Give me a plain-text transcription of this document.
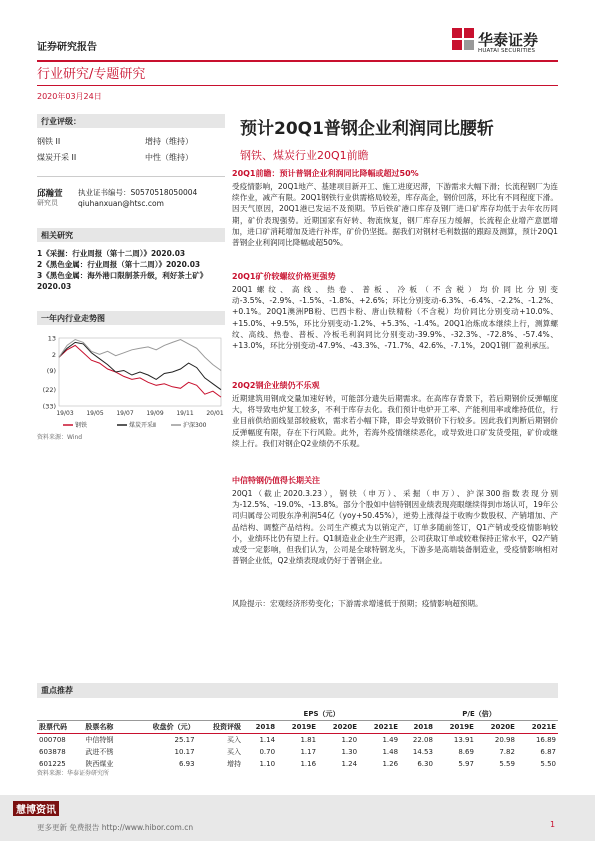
证券研究报告	华泰证券
HUATAI SECURITIES
行业研究/专题研究
2020年03月24日
行业评级：
钢铁 II	增持（维持）
煤炭开采 II	中性（维持）
邱瀚萱
研究员
执业证书编号：S0570518050004
qiuhanxuan@htsc.com
相关研究
1《采掘：行业周报（第十二周）》2020.03
2《黑色金属：行业周报（第十二周）》2020.03
3《黑色金属：海外港口限制茶升级，利好茶土矿》2020.03
一年内行业走势图
13
2
(9)
(22)
(33)
19/03 19/05 19/07 19/09 19/11 20/01
钢铁	煤炭开采Ⅱ	沪深300
资料来源：Wind
预计20Q1普钢企业利润同比腰斩
钢铁、煤炭行业20Q1前瞻
20Q1前瞻：预计普钢企业利润同比降幅或超过50%
受疫情影响，20Q1地产、基建项目新开工、施工进度迟滞，下游需求大幅下滑；长流程钢厂为连续作业，减产有限。20Q1钢铁行业供需格局较差，库存高企，钢价回落，环比有不同程度下滑。因天气原因，20Q1港已发运不及预期。节后铁矿港口库存及钢厂进口矿库存均低于去年农历同期，矿价表现强势。近期国家有好转、物流恢复，钢厂库存压力缓解，长流程企业增产意愿增加，进口矿消耗增加及进行补库，矿价仍坚挺。据我们对钢材毛利数据的跟踪及测算，预计20Q1普钢企业利润同比降幅或超50%。
20Q1矿价较螺纹价格更强势
20Q1螺纹、高线、热卷、普板、冷板（不含税）均价同比分别变动-3.5%、-2.9%、-1.5%、-1.8%、+2.6%；环比分别变动-6.3%、-6.4%、-2.2%、-1.2%、+0.1%。20Q1澳洲PB粉、巴西卡粉、唐山铁精粉（不含税）均价同比分别变动+10.0%、+15.0%、+9.5%，环比分别变动-1.2%、+5.3%、-1.4%。20Q1冶炼成本继续上行，测算螺纹、高线、热卷、普板、冷板毛利润同比分别变动-39.9%、-32.3%、-72.8%、-57.4%、+13.0%，环比分别变动-47.9%、-43.3%、-71.7%、42.6%、-7.1%，20Q1钢厂盈利承压。
20Q2钢企业绩仍不乐观
近期建筑用钢成交量加速好转，可能部分遗失后期需求。在高库存背景下，若后期钢价反弹幅度大，将导致电炉复工较多，不利于库存去化。我们预计电炉开工率、产能利用率或维持低位，行业目前供给面线显部较疲软，需求若小幅下降，即会导致钢价下行较多。因此我们判断后期钢价反弹幅度有限，存在下行风险。此外，若海外疫情继续恶化，或导致进口矿发货受阻，矿价或继续上行。我们对钢企Q2业绩仍不乐观。
中信特钢仍值得长期关注
20Q1（截止2020.3.23），钢铁（申万）、采掘（申万）、沪深300指数表现分别为-12.5%、-19.0%、-13.8%。部分个股如中信特钢因业绩表现亮眼继续得到市场认可，19年公司归属母公司股东净利润54亿（yoy+50.45%），逆势上涨得益于收购少数股权、产销增加、产品结构、调整产品结构。公司生产模式为以销定产，订单多随前签订，Q1产销或受疫情影响较小，业绩环比仍有望上行。Q1制造业企业生产迟滞，公司获取订单或较难保持正常水平，Q2产销或受一定影响，但我们认为，公司是全球特钢龙头，下游多是高端装备制造业，受疫情影响相对普钢企业低，Q2业绩表现或仍好于普钢企业。
风险提示：宏观经济形势变化；下游需求增速低于预期；疫情影响超预期。
重点推荐
				EPS（元）				P/E（倍）			
股票代码	股票名称	收盘价（元）	投资评级	2018	2019E	2020E	2021E	2018	2019E	2020E	2021E
000708	中信特钢	25.17	买入	1.14	1.81	1.20	1.49	22.08	13.91	20.98	16.89
603878	武进不锈	10.17	买入	0.70	1.17	1.30	1.48	14.53	8.69	7.82	6.87
601225	陕西煤业	6.93	增持	1.10	1.16	1.24	1.26	6.30	5.97	5.59	5.50
资料来源：华泰证券研究所
慧博资讯
更多更新 免费报告 http://www.hibor.com.cn	1
